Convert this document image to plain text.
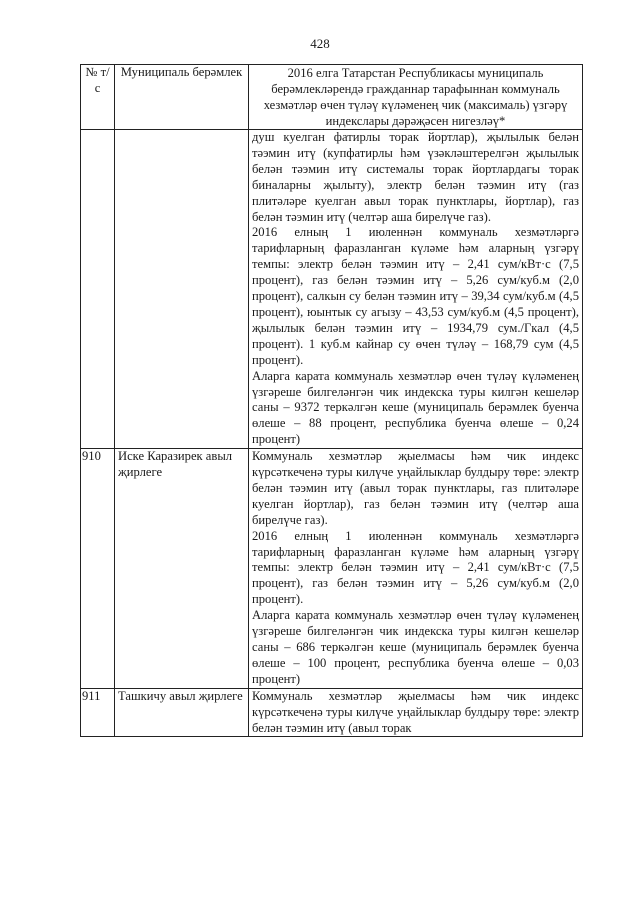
428
№ т/с	Муниципаль берәмлек	2016 елга Татарстан Республикасы муниципаль берәмлекләрендә гражданнар тарафыннан коммуналь хезмәтләр өчен түләү күләменең чик (максималь) үзгәрү индекслары дәрәҗәсен нигезләү*

		душ куелган фатирлы торак йортлар), җылылык белән тәэмин итү (купфатирлы һәм үзәкләштерелгән җылылык белән тәэмин итү системалы торак йортлардагы торак биналарны җылыту), электр белән тәэмин итү (газ плитәләре куелган авыл торак пунктлары, йортлар), газ белән тәэмин итү (челтәр аша бирелүче газ).

2016 елның 1 июленнән коммуналь хезмәтләргә тарифларның фаразланган күләме һәм аларның үзгәрү темпы: электр белән тәэмин итү – 2,41 сум/кВт·с (7,5 процент), газ белән тәэмин итү – 5,26 сум/куб.м (2,0 процент), салкын су белән тәэмин итү – 39,34 сум/куб.м (4,5 процент), юынтык су агызу – 43,53 сум/куб.м (4,5 процент), җылылык белән тәэмин итү – 1934,79 сум./Гкал (4,5 процент). 1 куб.м кайнар су өчен түләү – 168,79 сум (4,5 процент).

Аларга карата коммуналь хезмәтләр өчен түләү күләменең үзгәреше билгеләнгән чик индекска туры килгән кешеләр саны – 9372 теркәлгән кеше (муниципаль берәмлек буенча өлеше – 88 процент, республика буенча өлеше – 0,24 процент)

910	Иске Каразирек авыл җирлеге	Коммуналь хезмәтләр җыелмасы һәм чик индекс күрсәткеченә туры килүче уңайлыклар булдыру төре: электр белән тәэмин итү (авыл торак пунктлары, газ плитәләре куелган йортлар), газ белән тәэмин итү (челтәр аша бирелүче газ).

2016 елның 1 июленнән коммуналь хезмәтләргә тарифларның фаразланган күләме һәм аларның үзгәрү темпы: электр белән тәэмин итү – 2,41 сум/кВт·с (7,5 процент), газ белән тәэмин итү – 5,26 сум/куб.м (2,0 процент).

Аларга карата коммуналь хезмәтләр өчен түләү күләменең үзгәреше билгеләнгән чик индекска туры килгән кешеләр саны – 686 теркәлгән кеше (муниципаль берәмлек буенча өлеше – 100 процент, республика буенча өлеше – 0,03 процент)

911	Ташкичу авыл җирлеге	Коммуналь хезмәтләр җыелмасы һәм чик индекс күрсәткеченә туры килүче уңайлыклар булдыру төре: электр белән тәэмин итү (авыл торак
